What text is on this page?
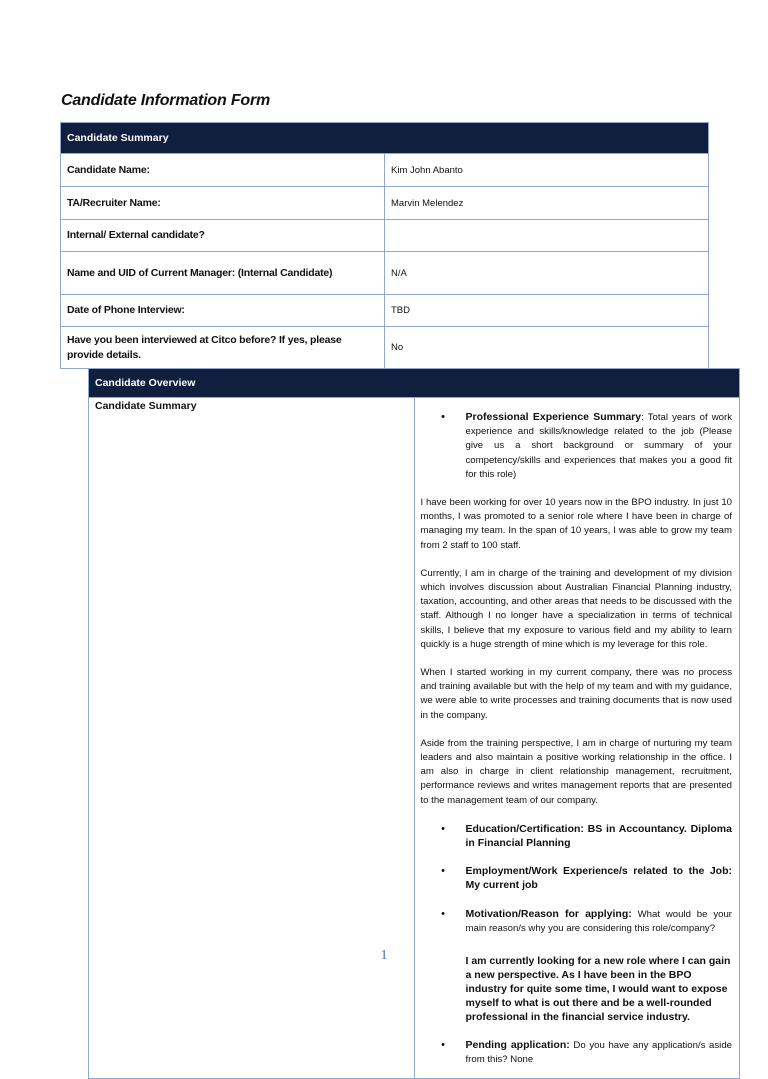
Candidate Information Form
Candidate Summary	
Candidate Name:	Kim John Abanto
TA/Recruiter Name:	Marvin Melendez
Internal/ External candidate?	
Name and UID of Current Manager: (Internal Candidate)	N/A
Date of Phone Interview:	TBD
Have you been interviewed at Citco before? If yes, please provide details.	No
Candidate Overview
Candidate Summary	
•	Professional Experience Summary: Total years of work experience and skills/knowledge related to the job (Please give us a short background or summary of your competency/skills and experiences that makes you a good fit for this role)
I have been working for over 10 years now in the BPO industry. In just 10 months, I was promoted to a senior role where I have been in charge of managing my team. In the span of 10 years, I was able to grow my team from 2 staff to 100 staff.
Currently, I am in charge of the training and development of my division which involves discussion about Australian Financial Planning industry, taxation, accounting, and other areas that needs to be discussed with the staff. Although I no longer have a specialization in terms of technical skills, I believe that my exposure to various field and my ability to learn quickly is a huge strength of mine which is my leverage for this role.
When I started working in my current company, there was no process and training available but with the help of my team and with my guidance, we were able to write processes and training documents that is now used in the company.
Aside from the training perspective, I am in charge of nurturing my team leaders and also maintain a positive working relationship in the office. I am also in charge in client relationship management, recruitment, performance reviews and writes management reports that are presented to the management team of our company.
•	Education/Certification: BS in Accountancy. Diploma in Financial Planning
•	Employment/Work Experience/s related to the Job: My current job
•	Motivation/Reason for applying: What would be your main reason/s why you are considering this role/company?
I am currently looking for a new role where I can gain a new perspective. As I have been in the BPO industry for quite some time, I would want to expose myself to what is out there and be a well-rounded professional in the financial service industry.
•	Pending application: Do you have any application/s aside from this? None
1
